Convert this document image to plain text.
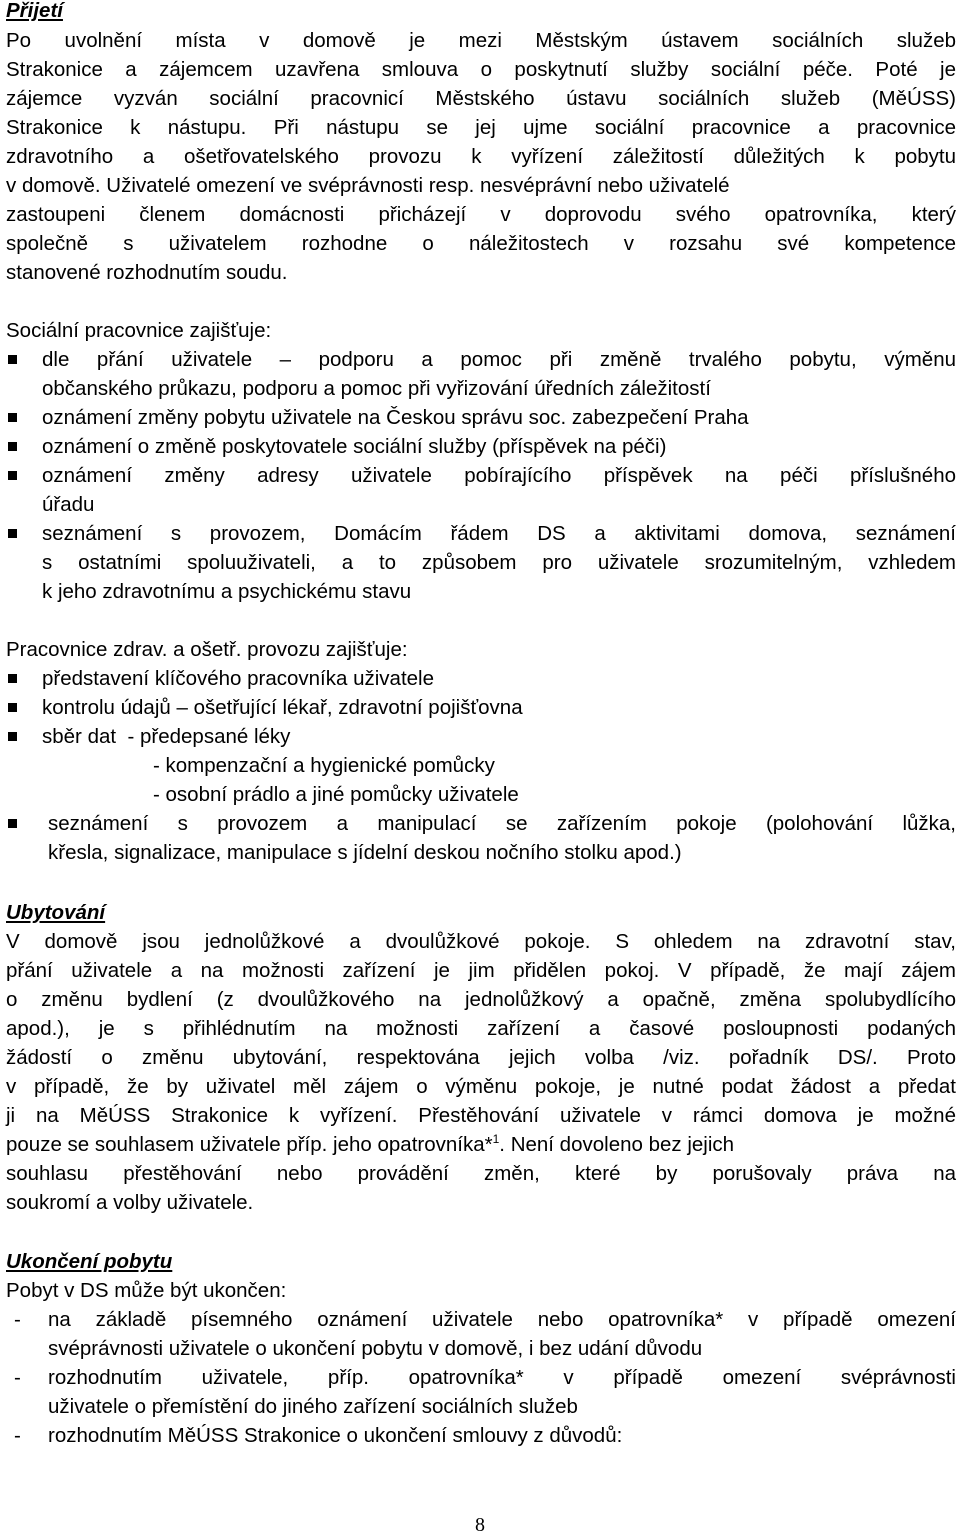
Přijetí
Po uvolnění místa v domově je mezi Městským ústavem sociálních služeb
Strakonice a zájemcem uzavřena smlouva o poskytnutí služby sociální péče. Poté je
zájemce vyzván sociální pracovnicí Městského ústavu sociálních služeb (MěÚSS)
Strakonice k nástupu. Při nástupu se jej ujme sociální pracovnice a pracovnice
zdravotního a ošetřovatelského provozu k vyřízení záležitostí důležitých k pobytu
v domově. Uživatelé omezení ve svéprávnosti resp. nesvéprávní nebo uživatelé
zastoupeni členem domácnosti přicházejí v doprovodu svého opatrovníka, který
společně s uživatelem rozhodne o náležitostech v rozsahu své kompetence
stanovené rozhodnutím soudu.
Sociální pracovnice zajišťuje:
dle přání uživatele – podporu a pomoc při změně trvalého pobytu, výměnu
občanského průkazu, podporu a pomoc při vyřizování úředních záležitostí
oznámení změny pobytu uživatele na Českou správu soc. zabezpečení Praha
oznámení o změně poskytovatele sociální služby (příspěvek na péči)
oznámení změny adresy uživatele pobírajícího příspěvek na péči příslušného
úřadu
seznámení s provozem, Domácím řádem DS a aktivitami domova, seznámení
s ostatními spoluuživateli, a to způsobem pro uživatele srozumitelným, vzhledem
k jeho zdravotnímu a psychickému stavu
Pracovnice zdrav. a ošetř. provozu zajišťuje:
představení klíčového pracovníka uživatele
kontrolu údajů – ošetřující lékař, zdravotní pojišťovna
sběr dat  - předepsané léky
- kompenzační a hygienické pomůcky
- osobní prádlo a jiné pomůcky uživatele
seznámení s provozem a manipulací se zařízením pokoje (polohování lůžka,
křesla, signalizace, manipulace s jídelní deskou nočního stolku apod.)
Ubytování
V domově jsou jednolůžkové a dvoulůžkové pokoje. S ohledem na zdravotní stav,
přání uživatele a na možnosti zařízení je jim přidělen pokoj. V případě, že mají zájem
o změnu bydlení (z dvoulůžkového na jednolůžkový a opačně, změna spolubydlícího
apod.), je s přihlédnutím na možnosti zařízení a časové posloupnosti podaných
žádostí o změnu ubytování, respektována jejich volba /viz. pořadník DS/. Proto
v případě, že by uživatel měl zájem o výměnu pokoje, je nutné podat žádost a předat
ji na MěÚSS Strakonice k vyřízení. Přestěhování uživatele v rámci domova je možné
pouze se souhlasem uživatele příp. jeho opatrovníka*$^1$. Není dovoleno bez jejich
souhlasu přestěhování nebo provádění změn, které by porušovaly práva na
soukromí a volby uživatele.
Ukončení pobytu
Pobyt v DS může být ukončen:
-	na základě písemného oznámení uživatele nebo opatrovníka* v případě omezení
svéprávnosti uživatele o ukončení pobytu v domově, i bez udání důvodu
-	rozhodnutím uživatele, příp. opatrovníka* v případě omezení svéprávnosti
uživatele o přemístění do jiného zařízení sociálních služeb
-	rozhodnutím MěÚSS Strakonice o ukončení smlouvy z důvodů:
8
